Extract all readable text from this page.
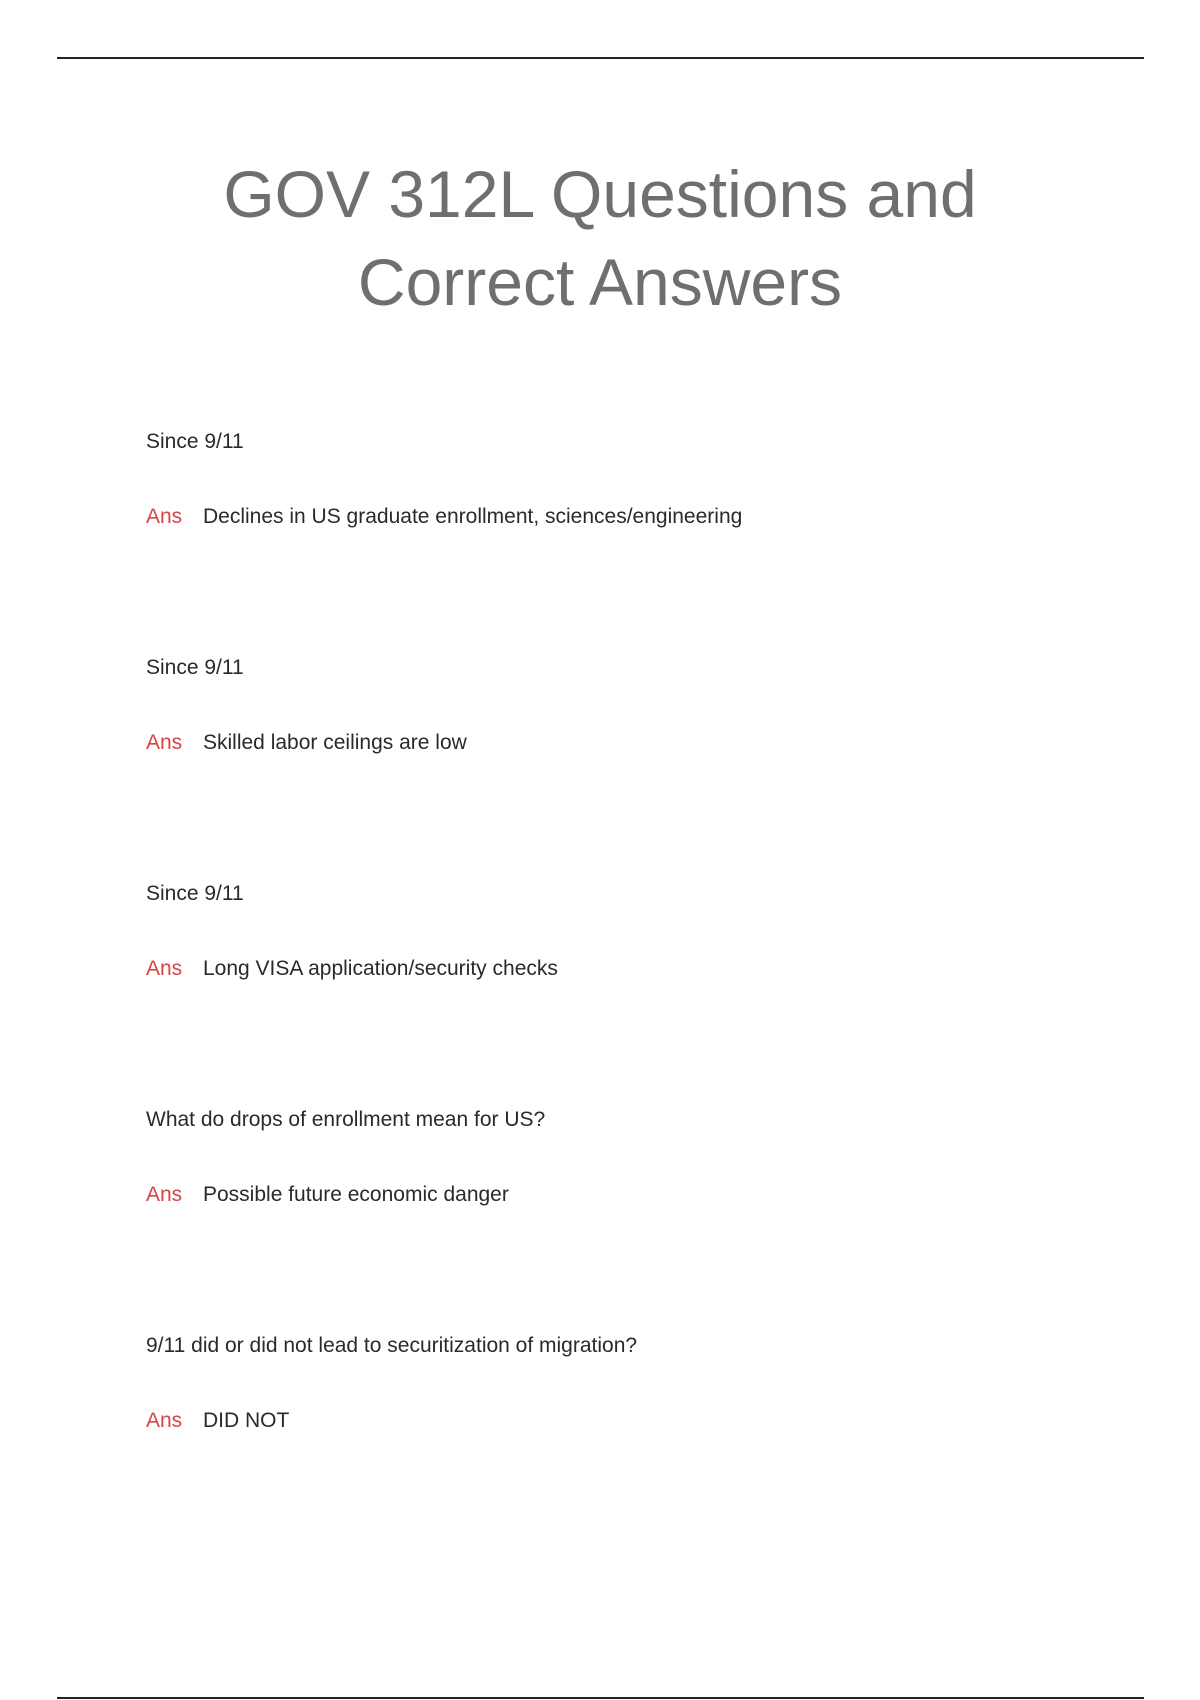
GOV 312L Questions and
Correct Answers
Since 9/11
Ans Declines in US graduate enrollment, sciences/engineering
Since 9/11
Ans Skilled labor ceilings are low
Since 9/11
Ans Long VISA application/security checks
What do drops of enrollment mean for US?
Ans Possible future economic danger
9/11 did or did not lead to securitization of migration?
Ans DID NOT
